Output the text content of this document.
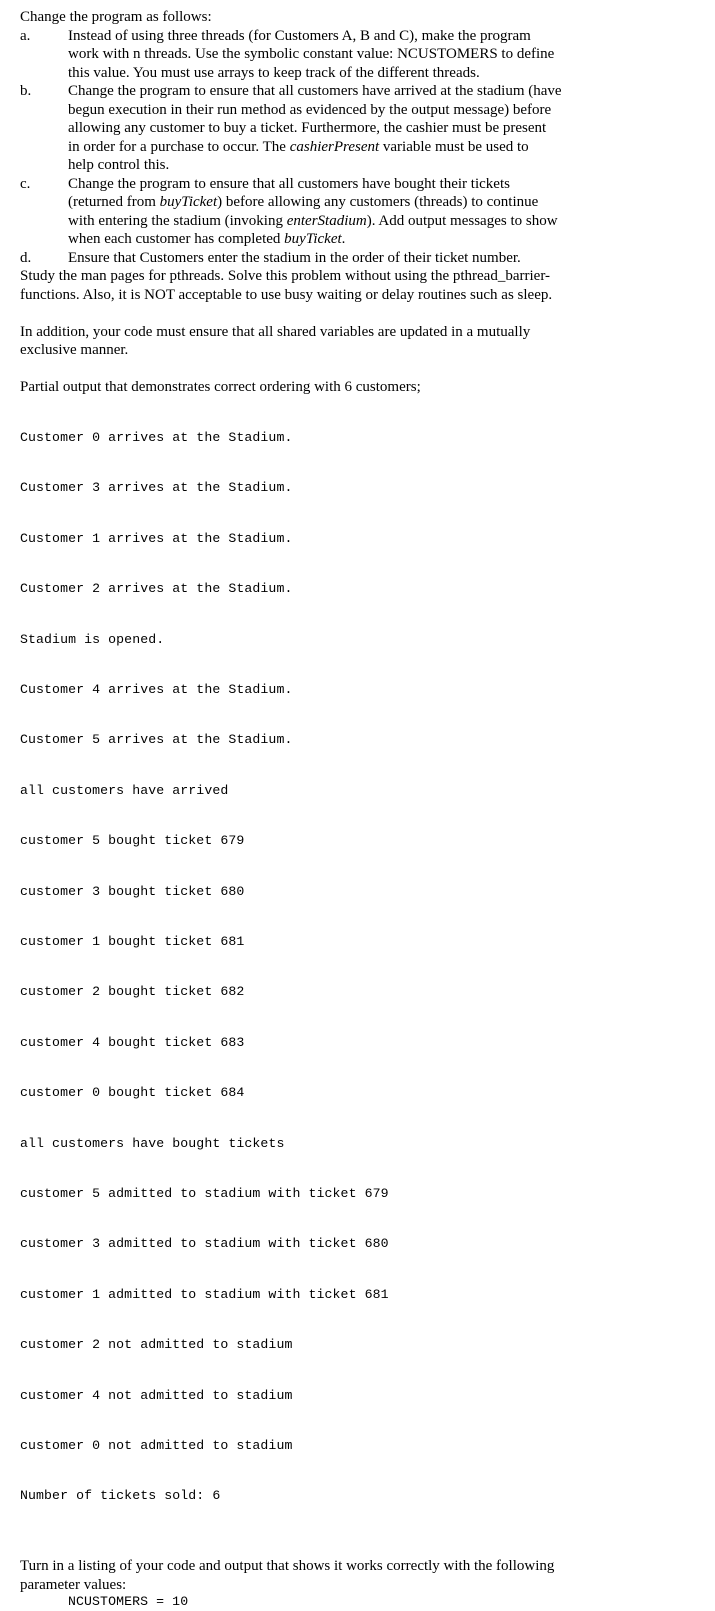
Change the program as follows:

a.	Instead of using three threads (for Customers A, B and C), make the program
work with n threads. Use the symbolic constant value: NCUSTOMERS to define
this value. You must use arrays to keep track of the different threads.
b.	Change the program to ensure that all customers have arrived at the stadium (have
begun execution in their run method as evidenced by the output message) before
allowing any customer to buy a ticket. Furthermore, the cashier must be present
in order for a purchase to occur. The cashierPresent variable must be used to
help control this.
c.	Change the program to ensure that all customers have bought their tickets
(returned from buyTicket) before allowing any customers (threads) to continue
with entering the stadium (invoking enterStadium). Add output messages to show
when each customer has completed buyTicket.
d.	Ensure that Customers enter the stadium in the order of their ticket number.

Study the man pages for pthreads. Solve this problem without using the pthread_barrier-

functions. Also, it is NOT acceptable to use busy waiting or delay routines such as sleep.

In addition, your code must ensure that all shared variables are updated in a mutually

exclusive manner.

Partial output that demonstrates correct ordering with 6 customers;

Customer 0 arrives at the Stadium.

Customer 3 arrives at the Stadium.

Customer 1 arrives at the Stadium.

Customer 2 arrives at the Stadium.

Stadium is opened.

Customer 4 arrives at the Stadium.

Customer 5 arrives at the Stadium.

all customers have arrived

customer 5 bought ticket 679

customer 3 bought ticket 680

customer 1 bought ticket 681

customer 2 bought ticket 682

customer 4 bought ticket 683

customer 0 bought ticket 684

all customers have bought tickets

customer 5 admitted to stadium with ticket 679

customer 3 admitted to stadium with ticket 680

customer 1 admitted to stadium with ticket 681

customer 2 not admitted to stadium

customer 4 not admitted to stadium

customer 0 not admitted to stadium

Number of tickets sold: 6

Turn in a listing of your code and output that shows it works correctly with the following

parameter values:

NCUSTOMERS = 10
